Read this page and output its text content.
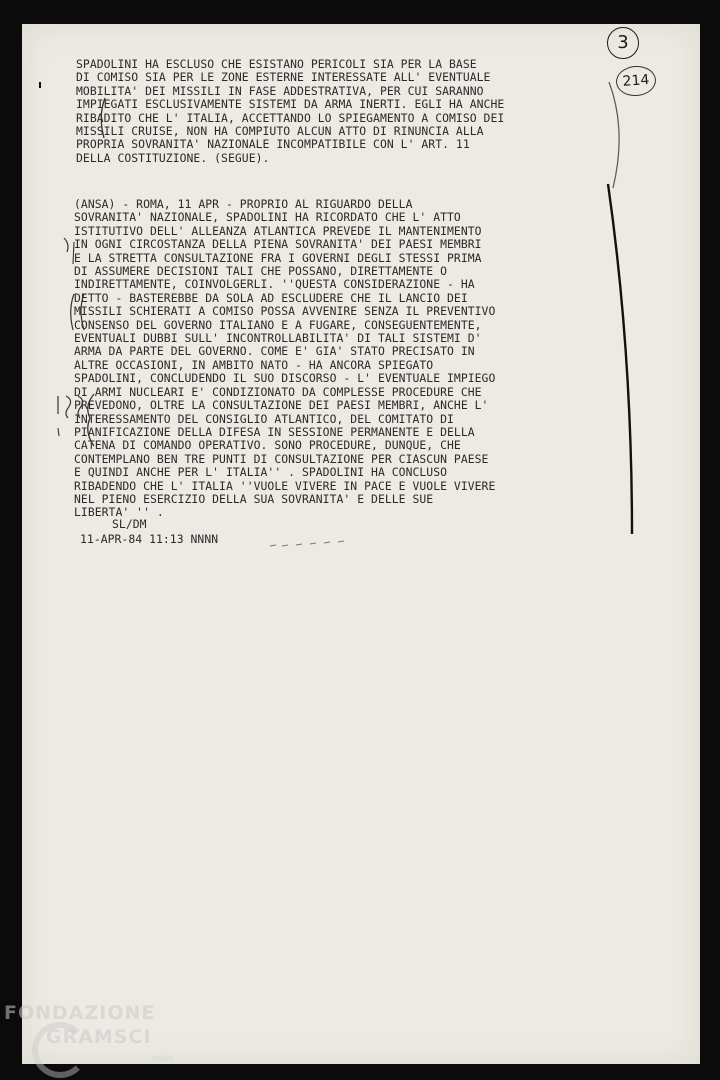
3
214
SPADOLINI HA ESCLUSO CHE ESISTANO PERICOLI SIA PER LA BASE
DI COMISO SIA PER LE ZONE ESTERNE INTERESSATE ALL' EVENTUALE
MOBILITA' DEI MISSILI IN FASE ADDESTRATIVA, PER CUI SARANNO
IMPIEGATI ESCLUSIVAMENTE SISTEMI DA ARMA INERTI. EGLI HA ANCHE
RIBADITO CHE L' ITALIA, ACCETTANDO LO SPIEGAMENTO A COMISO DEI
MISSILI CRUISE, NON HA COMPIUTO ALCUN ATTO DI RINUNCIA ALLA
PROPRIA SOVRANITA' NAZIONALE INCOMPATIBILE CON L' ART. 11
DELLA COSTITUZIONE. (SEGUE).
(ANSA) - ROMA, 11 APR - PROPRIO AL RIGUARDO DELLA
SOVRANITA' NAZIONALE, SPADOLINI HA RICORDATO CHE L' ATTO
ISTITUTIVO DELL' ALLEANZA ATLANTICA PREVEDE IL MANTENIMENTO
IN OGNI CIRCOSTANZA DELLA PIENA SOVRANITA' DEI PAESI MEMBRI
E LA STRETTA CONSULTAZIONE FRA I GOVERNI DEGLI STESSI PRIMA
DI ASSUMERE DECISIONI TALI CHE POSSANO, DIRETTAMENTE O
INDIRETTAMENTE, COINVOLGERLI. ''QUESTA CONSIDERAZIONE - HA
DETTO - BASTEREBBE DA SOLA AD ESCLUDERE CHE IL LANCIO DEI
MISSILI SCHIERATI A COMISO POSSA AVVENIRE SENZA IL PREVENTIVO
CONSENSO DEL GOVERNO ITALIANO E A FUGARE, CONSEGUENTEMENTE,
EVENTUALI DUBBI SULL' INCONTROLLABILITA' DI TALI SISTEMI D'
ARMA DA PARTE DEL GOVERNO. COME E' GIA' STATO PRECISATO IN
ALTRE OCCASIONI, IN AMBITO NATO - HA ANCORA SPIEGATO
SPADOLINI, CONCLUDENDO IL SUO DISCORSO - L' EVENTUALE IMPIEGO
DI ARMI NUCLEARI E' CONDIZIONATO DA COMPLESSE PROCEDURE CHE
PREVEDONO, OLTRE LA CONSULTAZIONE DEI PAESI MEMBRI, ANCHE L'
INTERESSAMENTO DEL CONSIGLIO ATLANTICO, DEL COMITATO DI
PIANIFICAZIONE DELLA DIFESA IN SESSIONE PERMANENTE E DELLA
CATENA DI COMANDO OPERATIVO. SONO PROCEDURE, DUNQUE, CHE
CONTEMPLANO BEN TRE PUNTI DI CONSULTAZIONE PER CIASCUN PAESE
E QUINDI ANCHE PER L' ITALIA'' . SPADOLINI HA CONCLUSO
RIBADENDO CHE L' ITALIA ''VUOLE VIVERE IN PACE E VUOLE VIVERE
NEL PIENO ESERCIZIO DELLA SUA SOVRANITA' E DELLE SUE
LIBERTA' '' .
SL/DM
11-APR-84 11:13 NNNN
FONDAZIONE
GRAMSCI
onlus
